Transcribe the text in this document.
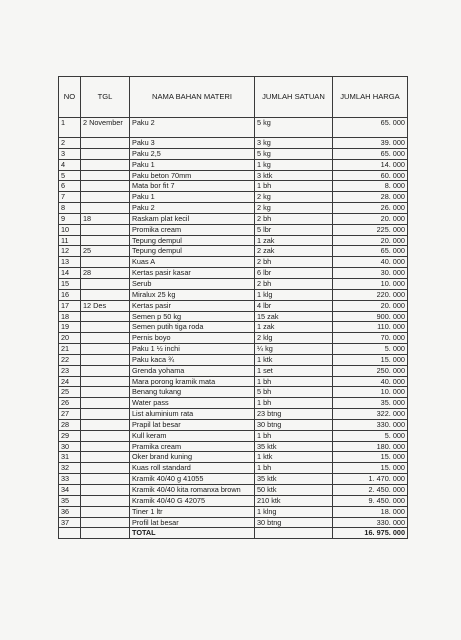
NO	TGL	NAMA BAHAN MATERI	JUMLAH SATUAN	JUMLAH HARGA
1	2 November	Paku 2	5 kg	65. 000
2		Paku 3	3 kg	39. 000
3		Paku 2,5	5 kg	65. 000
4		Paku 1	1 kg	14. 000
5		Paku beton 70mm	3 ktk	60. 000
6		Mata bor fit 7	1 bh	8. 000
7		Paku 1	2 kg	28. 000
8		Paku 2	2 kg	26. 000
9	18	Raskam plat kecil	2 bh	20. 000
10		Promika cream	5 lbr	225. 000
11		Tepung dempul	1 zak	20. 000
12	25	Tepung dempul	2 zak	65. 000
13		Kuas A	2 bh	40. 000
14	28	Kertas pasir kasar	6 lbr	30. 000
15		Serub	2 bh	10. 000
16		Miralux 25 kg	1 klg	220. 000
17	12 Des	Kertas pasir	4 lbr	20. 000
18		Semen p 50 kg	15 zak	900. 000
19		Semen putih tiga roda	1 zak	110. 000
20		Pernis boyo	2 klg	70. 000
21		Paku 1 ½ inchi	¼ kg	5. 000
22		Paku kaca ¾	1 ktk	15. 000
23		Grenda yohama	1 set	250. 000
24		Mara porong kramik mata	1 bh	40. 000
25		Benang tukang	5 bh	10. 000
26		Water pass	1 bh	35. 000
27		List aluminium rata	23 btng	322. 000
28		Prapil lat besar	30 btng	330. 000
29		Kull keram	1 bh	5. 000
30		Pramika cream	35 ktk	180. 000
31		Oker brand kuning	1 ktk	15. 000
32		Kuas roll standard	1 bh	15. 000
33		Kramik 40/40 g 41055	35 ktk	1. 470. 000
34		Kramik 40/40 kita romanxa brown	50 ktk	2. 450. 000
35		Kramik 40/40 G 42075	210 ktk	9. 450. 000
36		Tiner 1 ltr	1 klng	18. 000
37		Profil lat besar	30 btng	330. 000
		TOTAL		16. 975. 000
